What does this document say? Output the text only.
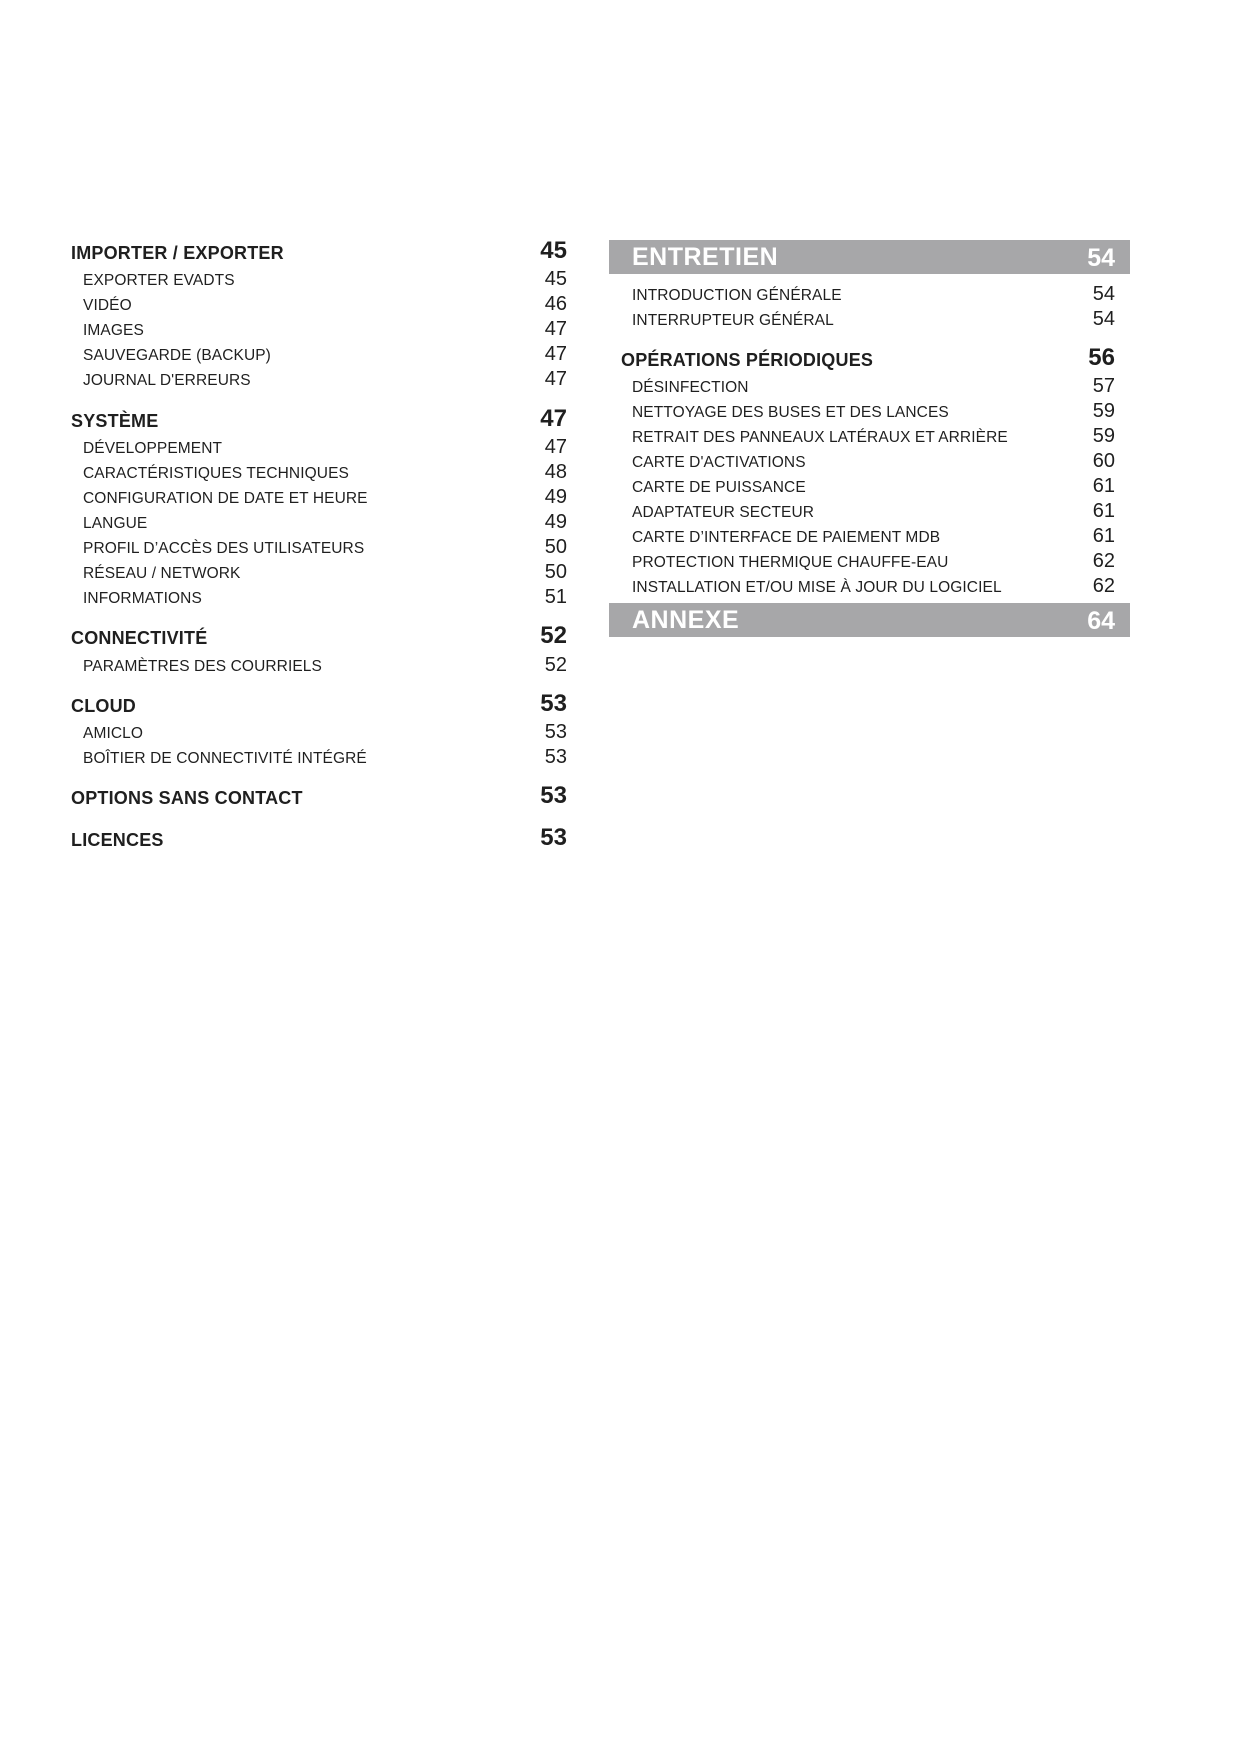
IMPORTER / EXPORTER	45
EXPORTER EVADTS	45
VIDÉO	46
IMAGES	47
SAUVEGARDE (BACKUP)	47
JOURNAL D'ERREURS	47
SYSTÈME	47
DÉVELOPPEMENT	47
CARACTÉRISTIQUES TECHNIQUES	48
CONFIGURATION DE DATE ET HEURE	49
LANGUE	49
PROFIL D’ACCÈS DES UTILISATEURS	50
RÉSEAU / NETWORK	50
INFORMATIONS	51
CONNECTIVITÉ	52
PARAMÈTRES DES COURRIELS	52
CLOUD	53
AMICLO	53
BOÎTIER DE CONNECTIVITÉ INTÉGRÉ	53
OPTIONS SANS CONTACT	53
LICENCES	53
ENTRETIEN	54
INTRODUCTION GÉNÉRALE	54
INTERRUPTEUR GÉNÉRAL	54
OPÉRATIONS PÉRIODIQUES	56
DÉSINFECTION	57
NETTOYAGE DES BUSES ET DES LANCES	59
RETRAIT DES PANNEAUX LATÉRAUX ET ARRIÈRE	59
CARTE D'ACTIVATIONS	60
CARTE DE PUISSANCE	61
ADAPTATEUR SECTEUR	61
CARTE D’INTERFACE DE PAIEMENT MDB	61
PROTECTION THERMIQUE CHAUFFE-EAU	62
INSTALLATION ET/OU MISE À JOUR DU LOGICIEL	62
ANNEXE	64
